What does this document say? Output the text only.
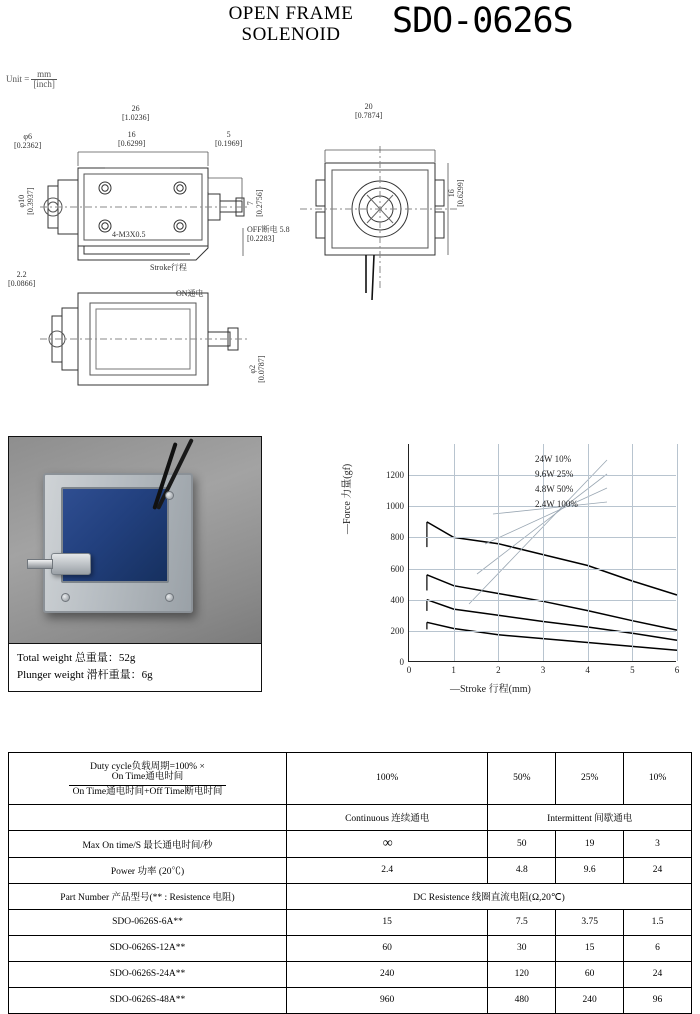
OPEN FRAME
SOLENOID	SDO-0626S
Unit = $\frac{mm}{\text{[inch]}}$
26
[1.0236]
16
[0.6299]
5
[0.1969]
φ6
[0.2362]
φ10 [0.3937]	7 [0.2756]
4-M3X0.5
Stroke行程
OFF断电 5.8
[0.2283]
ON通电
20
[0.7874]
16 [0.6299]
2.2
[0.0866]
φ2 [0.0787]
Total weight 总重量：52g
Plunger weight 滑杆重量：6g
—Force 力量(gf)
—Stroke 行程(mm)
0	1	2	3	4	5	6
0
200
400
600
800
1000
1200
24W 10%
9.6W 25%
4.8W 50%
2.4W 100%
Duty cycle负载周期=100% ×
On Time通电时间
On Time通电时间+Off Time断电时间	100%	50%	25%	10%
	Continuous 连续通电	Intermittent 间歇通电		
Max On time/S 最长通电时间/秒	∞	50	19	3
Power 功率 (20℃)	2.4	4.8	9.6	24
Part Number 产品型号(** : Resistence 电阻)	DC Resistence 线圈直流电阻(Ω,20℃)			
SDO-0626S-6A**	15	7.5	3.75	1.5
SDO-0626S-12A**	60	30	15	6
SDO-0626S-24A**	240	120	60	24
SDO-0626S-48A**	960	480	240	96
